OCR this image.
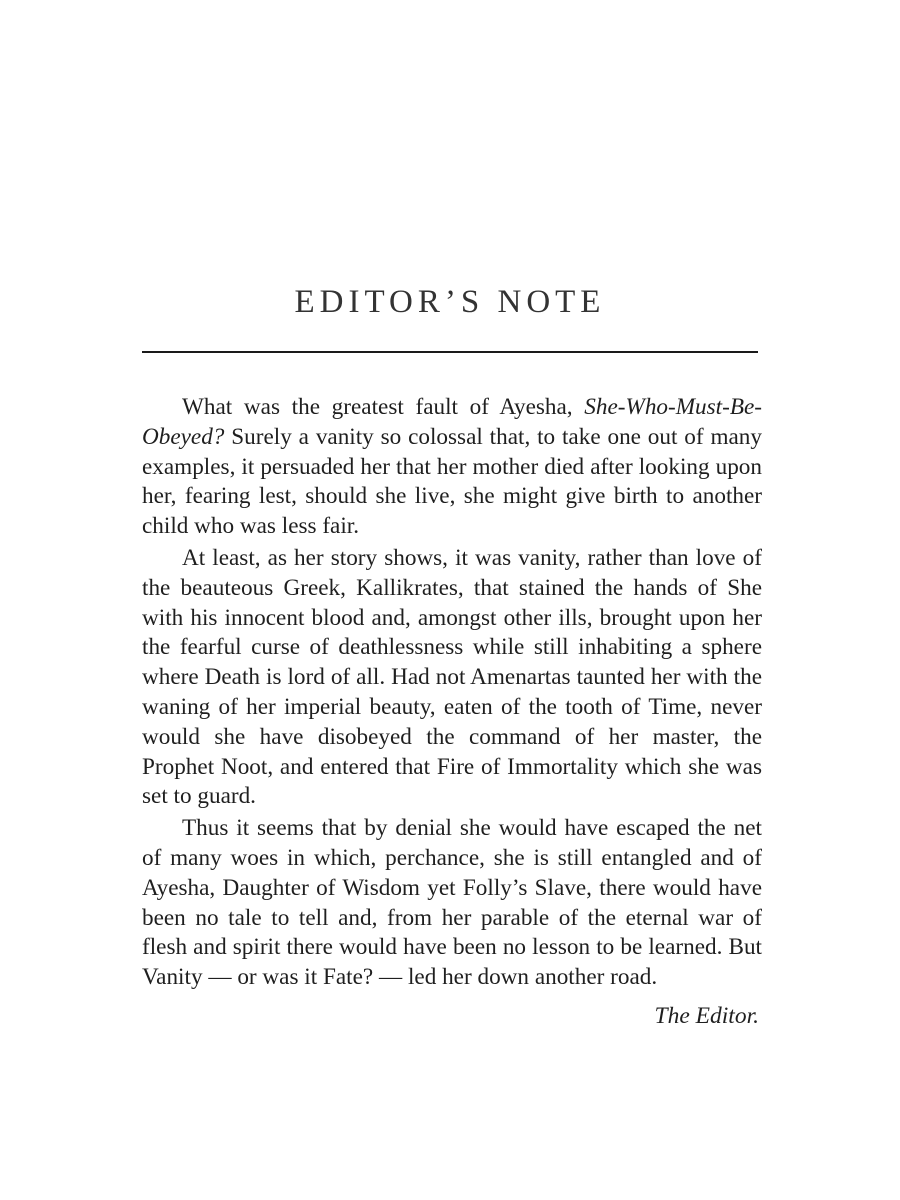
EDITOR’S NOTE

What was the greatest fault of Ayesha, She-Who-Must-Be-Obeyed? Surely a vanity so colossal that, to take one out of many examples, it persuaded her that her mother died after looking upon her, fearing lest, should she live, she might give birth to another child who was less fair.

At least, as her story shows, it was vanity, rather than love of the beauteous Greek, Kallikrates, that stained the hands of She with his innocent blood and, amongst other ills, brought upon her the fearful curse of deathlessness while still inhabiting a sphere where Death is lord of all. Had not Amenartas taunted her with the waning of her imperial beauty, eaten of the tooth of Time, never would she have disobeyed the command of her master, the Prophet Noot, and entered that Fire of Immortality which she was set to guard.

Thus it seems that by denial she would have escaped the net of many woes in which, perchance, she is still entangled and of Ayesha, Daughter of Wisdom yet Folly’s Slave, there would have been no tale to tell and, from her parable of the eternal war of flesh and spirit there would have been no lesson to be learned. But Vanity — or was it Fate? — led her down another road.

The Editor.
